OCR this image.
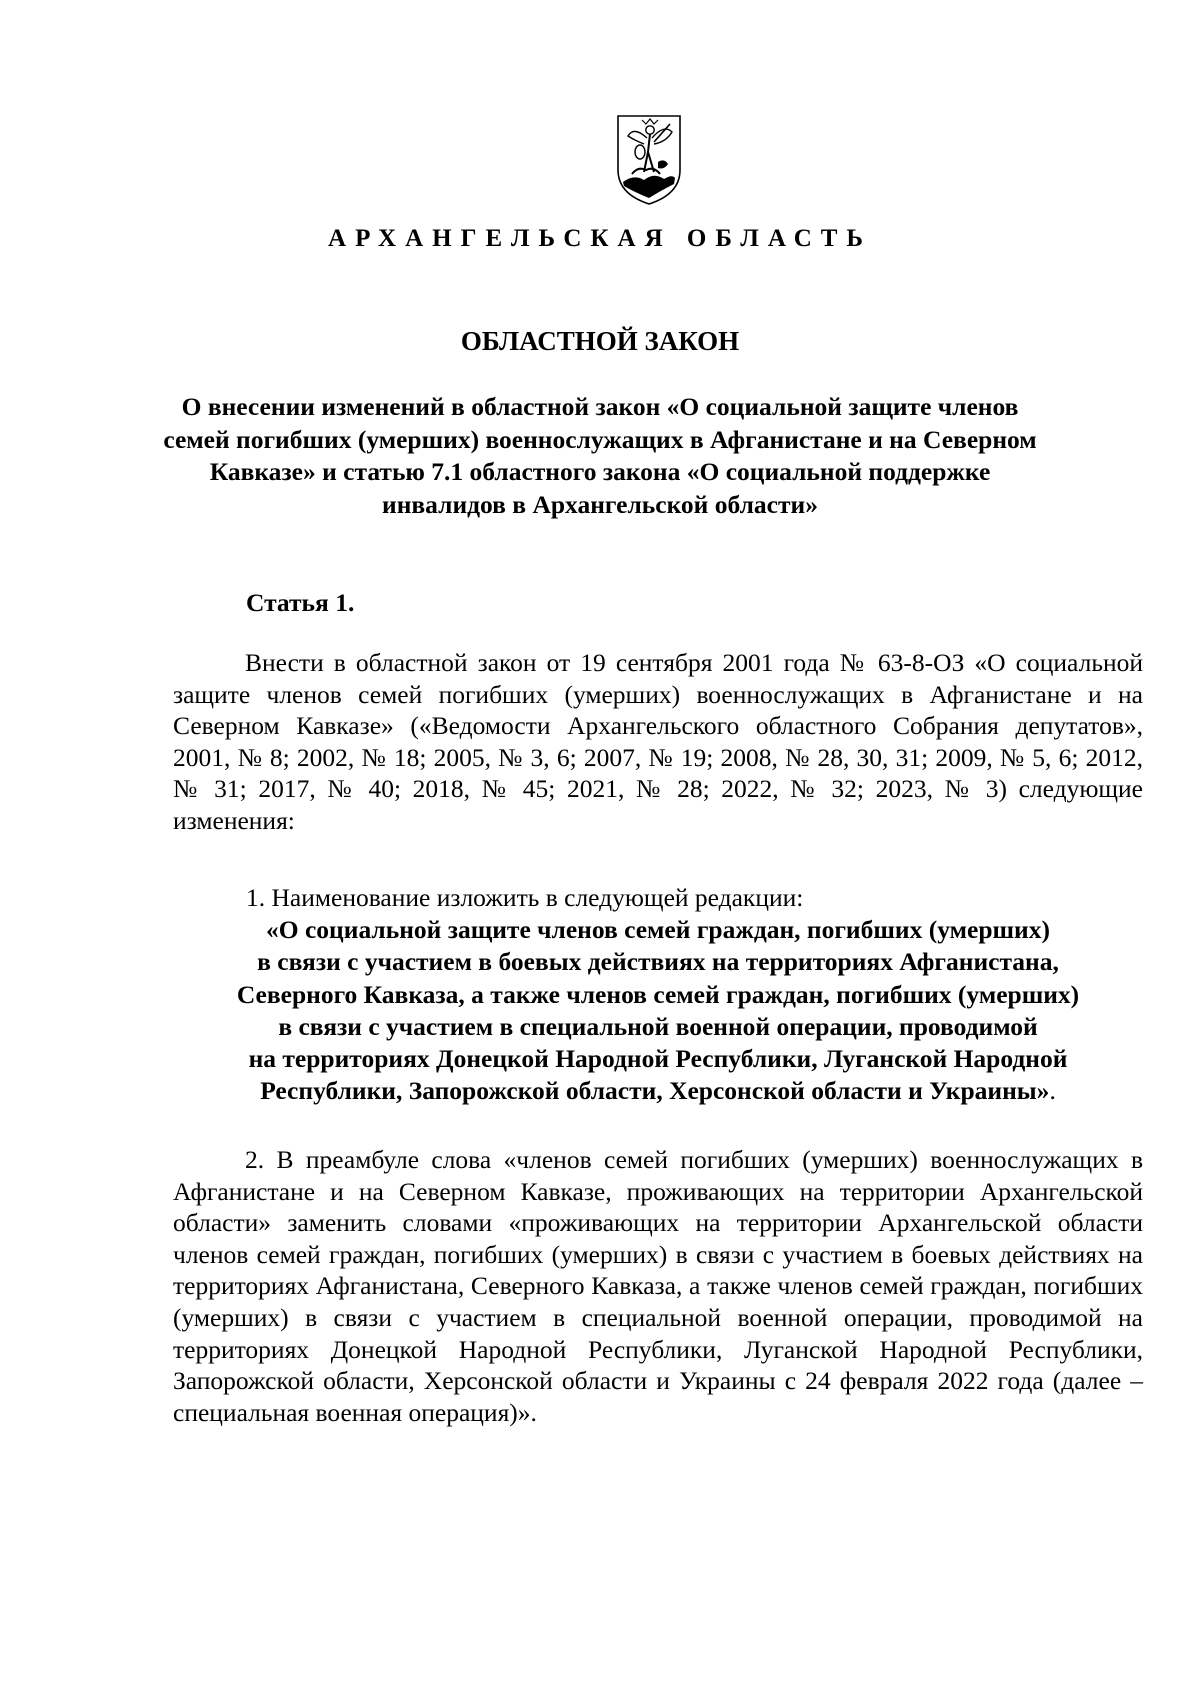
АРХАНГЕЛЬСКАЯ ОБЛАСТЬ
ОБЛАСТНОЙ ЗАКОН
О внесении изменений в областной закон «О социальной защите членов
семей погибших (умерших) военнослужащих в Афганистане и на Северном
Кавказе» и статью 7.1 областного закона «О социальной поддержке
инвалидов в Архангельской области»
Статья 1.

Внести в областной закон от 19 сентября 2001 года № 63-8-ОЗ «О социальной защите членов семей погибших (умерших) военнослужащих в Афганистане и на Северном Кавказе» («Ведомости Архангельского областного Собрания депутатов», 2001, № 8; 2002, № 18; 2005, № 3, 6; 2007, № 19; 2008, № 28, 30, 31; 2009, № 5, 6; 2012, № 31; 2017, № 40; 2018, № 45; 2021, № 28; 2022, № 32; 2023, № 3) следующие изменения:

1. Наименование изложить в следующей редакции:
«О социальной защите членов семей граждан, погибших (умерших)
в связи с участием в боевых действиях на территориях Афганистана,
Северного Кавказа, а также членов семей граждан, погибших (умерших)
в связи с участием в специальной военной операции, проводимой
на территориях Донецкой Народной Республики, Луганской Народной
Республики, Запорожской области, Херсонской области и Украины».

2. В преамбуле слова «членов семей погибших (умерших) военнослужащих в Афганистане и на Северном Кавказе, проживающих на территории Архангельской области» заменить словами «проживающих на территории Архангельской области членов семей граждан, погибших (умерших) в связи с участием в боевых действиях на территориях Афганистана, Северного Кавказа, а также членов семей граждан, погибших (умерших) в связи с участием в специальной военной операции, проводимой на территориях Донецкой Народной Республики, Луганской Народной Республики, Запорожской области, Херсонской области и Украины с 24 февраля 2022 года (далее – специальная военная операция)».
